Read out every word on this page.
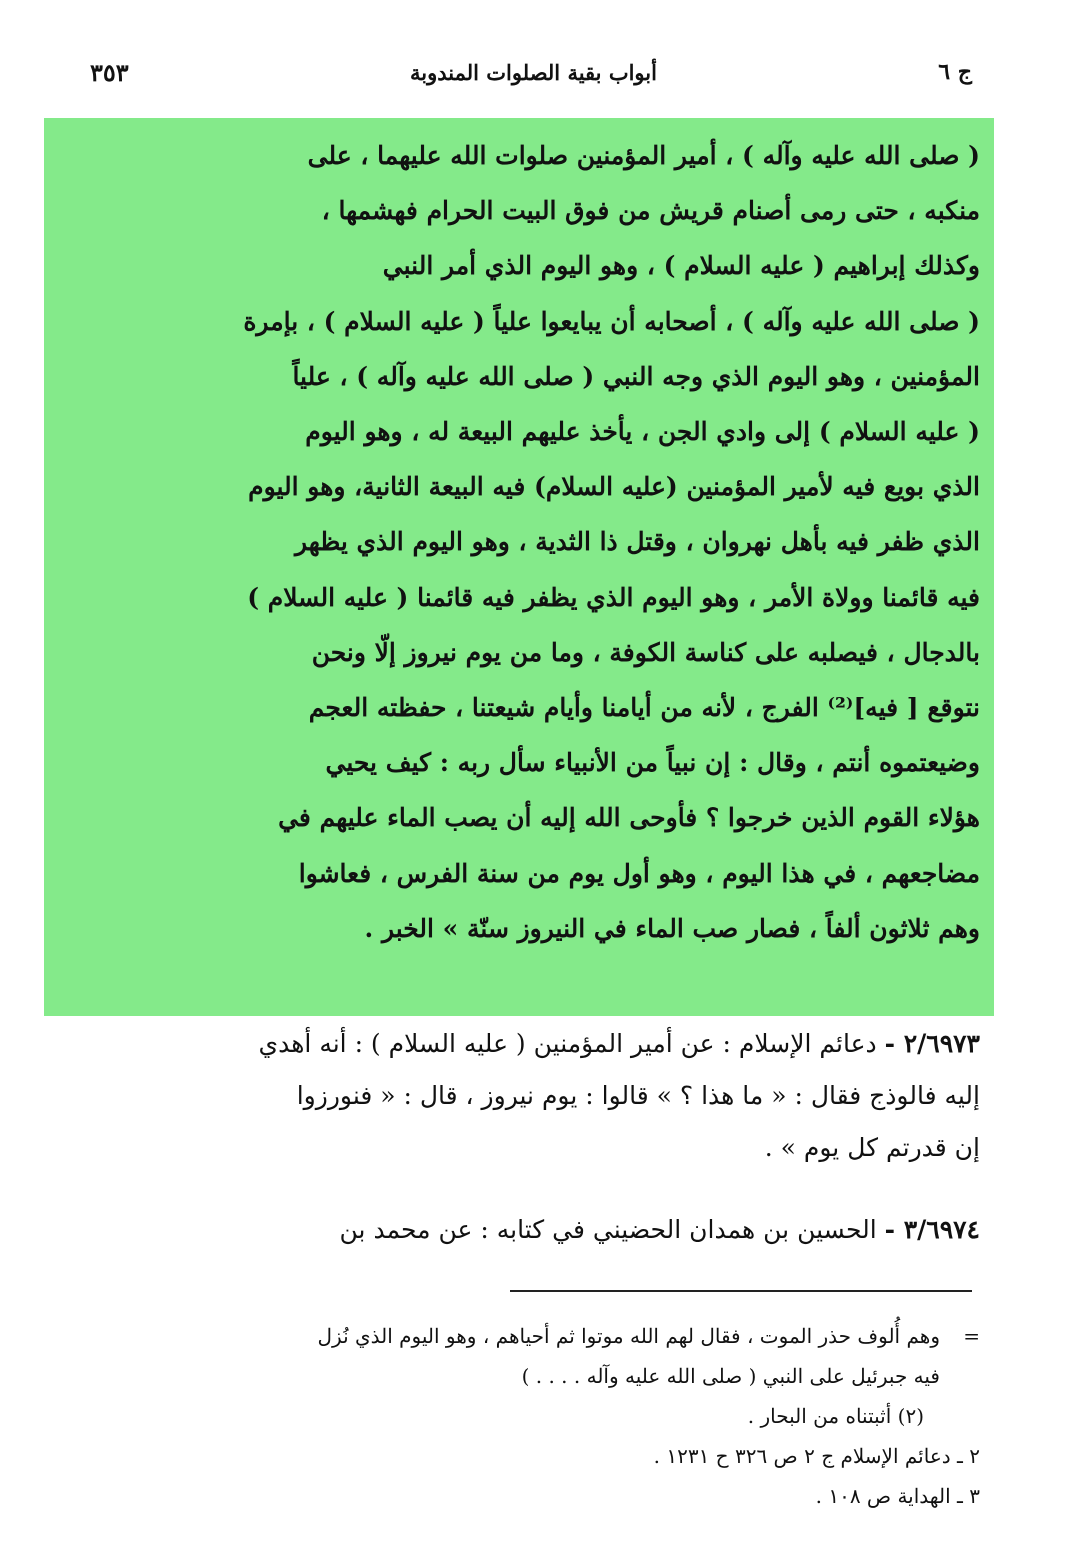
ج ٦
أبواب بقية الصلوات المندوبة
٣٥٣

( صلى الله عليه وآله ) ، أمير المؤمنين صلوات الله عليهما ، على

منكبه ، حتى رمى أصنام قريش من فوق البيت الحرام فهشمها ،

وكذلك إبراهيم ( عليه السلام ) ، وهو اليوم الذي أمر النبي

( صلى الله عليه وآله ) ، أصحابه أن يبايعوا علياً ( عليه السلام ) ، بإمرة

المؤمنين ، وهو اليوم الذي وجه النبي ( صلى الله عليه وآله ) ، علياً

( عليه السلام ) إلى وادي الجن ، يأخذ عليهم البيعة له ، وهو اليوم

الذي بويع فيه لأمير المؤمنين (عليه السلام) فيه البيعة الثانية، وهو اليوم

الذي ظفر فيه بأهل نهروان ، وقتل ذا الثدية ، وهو اليوم الذي يظهر

فيه قائمنا وولاة الأمر ، وهو اليوم الذي يظفر فيه قائمنا ( عليه السلام )

بالدجال ، فيصلبه على كناسة الكوفة ، وما من يوم نيروز إلّا ونحن

نتوقع [ فيه]⁽²⁾ الفرج ، لأنه من أيامنا وأيام شيعتنا ، حفظته العجم

وضيعتموه أنتم ، وقال : إن نبياً من الأنبياء سأل ربه : كيف يحيي

هؤلاء القوم الذين خرجوا ؟ فأوحى الله إليه أن يصب الماء عليهم في

مضاجعهم ، في هذا اليوم ، وهو أول يوم من سنة الفرس ، فعاشوا

وهم ثلاثون ألفاً ، فصار صب الماء في النيروز سنّة » الخبر .

٢/٦٩٧٣ - دعائم الإسلام : عن أمير المؤمنين ( عليه السلام ) : أنه أهدي

إليه فالوذج فقال : « ما هذا ؟ » قالوا : يوم نيروز ، قال : « فنورزوا

إن قدرتم كل يوم » .

٣/٦٩٧٤ - الحسين بن همدان الحضيني في كتابه : عن محمد بن

=
وهم أُلوف حذر الموت ، فقال لهم الله موتوا ثم أحياهم ، وهو اليوم الذي نُزل

فيه جبرئيل على النبي ( صلى الله عليه وآله . . . . )

(٢) أثبتناه من البحار .

٢ ـ دعائم الإسلام ج ٢ ص ٣٢٦ ح ١٢٣١ .

٣ ـ الهداية ص ١٠٨ .
